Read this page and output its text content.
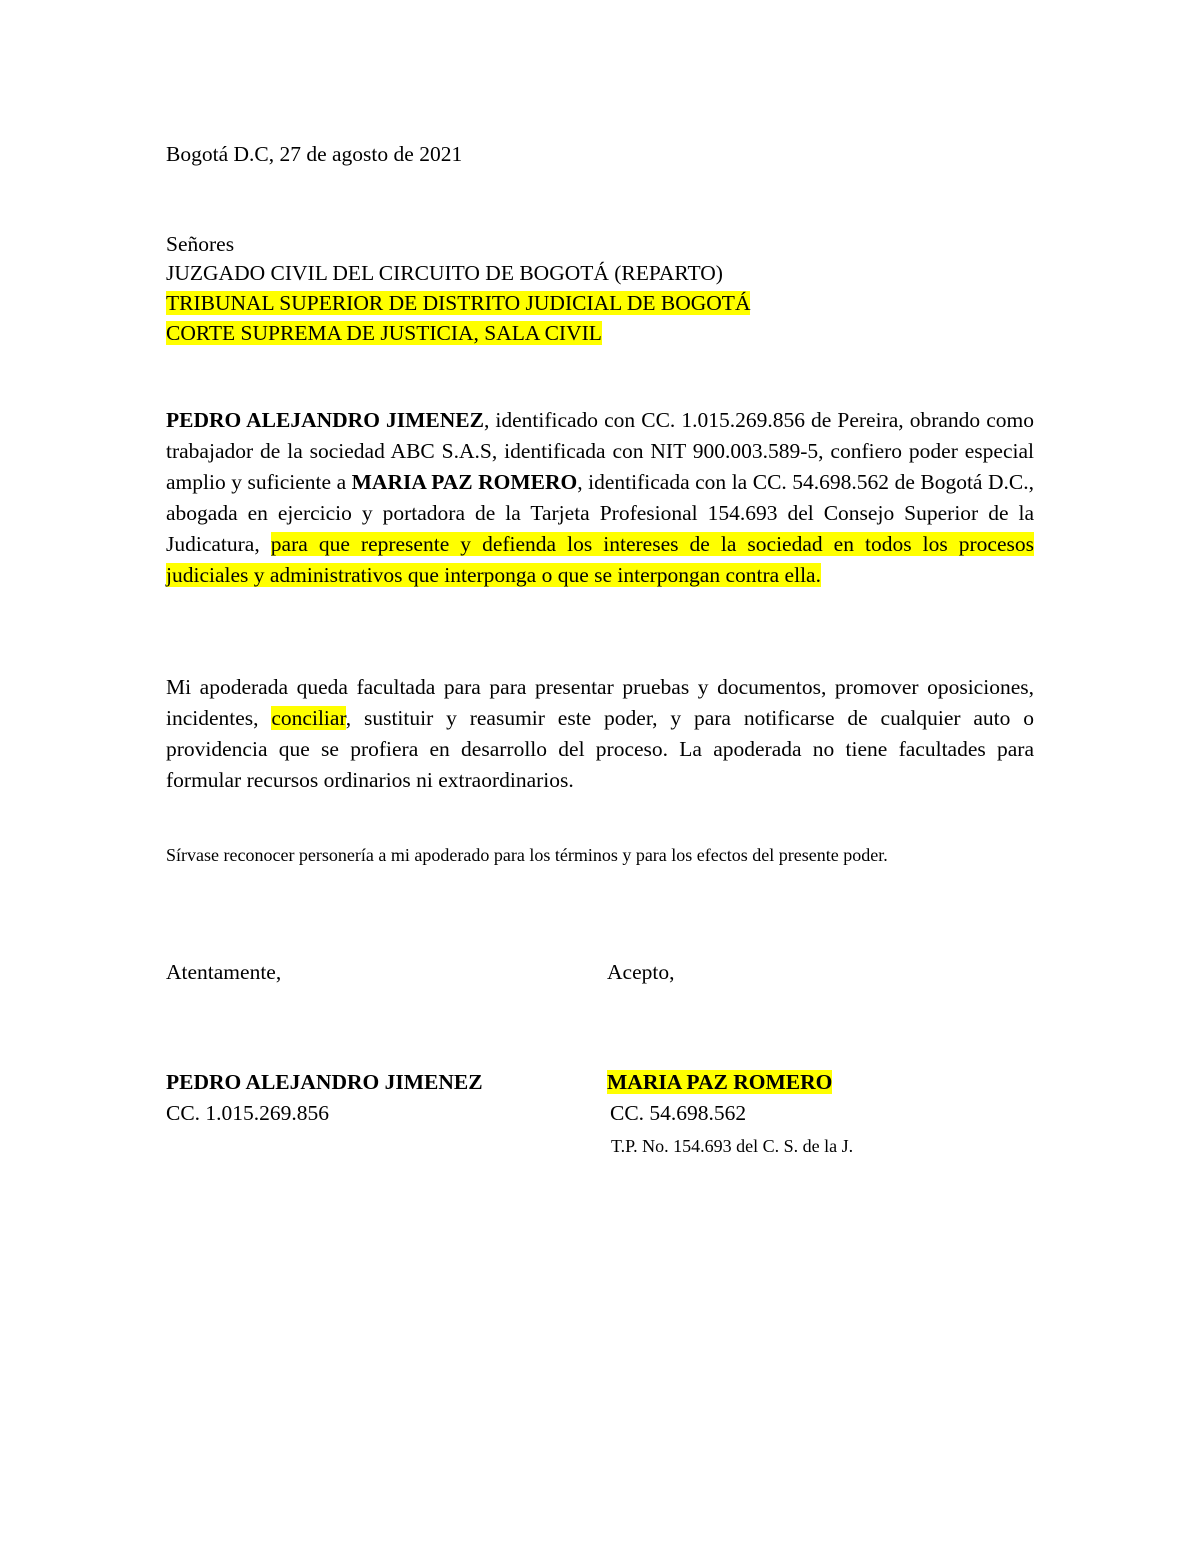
Bogotá D.C, 27 de agosto de 2021
Señores
JUZGADO CIVIL DEL CIRCUITO DE BOGOTÁ (REPARTO)
TRIBUNAL SUPERIOR DE DISTRITO JUDICIAL DE BOGOTÁ
CORTE SUPREMA DE JUSTICIA, SALA CIVIL
PEDRO ALEJANDRO JIMENEZ, identificado con CC. 1.015.269.856 de Pereira, obrando como trabajador de la sociedad ABC S.A.S, identificada con NIT 900.003.589-5, confiero poder especial amplio y suficiente a MARIA PAZ ROMERO, identificada con la CC. 54.698.562 de Bogotá D.C., abogada en ejercicio y portadora de la Tarjeta Profesional 154.693 del Consejo Superior de la Judicatura, para que represente y defienda los intereses de la sociedad en todos los procesos judiciales y administrativos que interponga o que se interpongan contra ella.
Mi apoderada queda facultada para para presentar pruebas y documentos, promover oposiciones, incidentes, conciliar, sustituir y reasumir este poder, y para notificarse de cualquier auto o providencia que se profiera en desarrollo del proceso. La apoderada no tiene facultades para formular recursos ordinarios ni extraordinarios.
Sírvase reconocer personería a mi apoderado para los términos y para los efectos del presente poder.
Atentamente,	Acepto,
PEDRO ALEJANDRO JIMENEZ	MARIA PAZ ROMERO
CC. 1.015.269.856	CC. 54.698.562
T.P. No. 154.693 del C. S. de la J.
